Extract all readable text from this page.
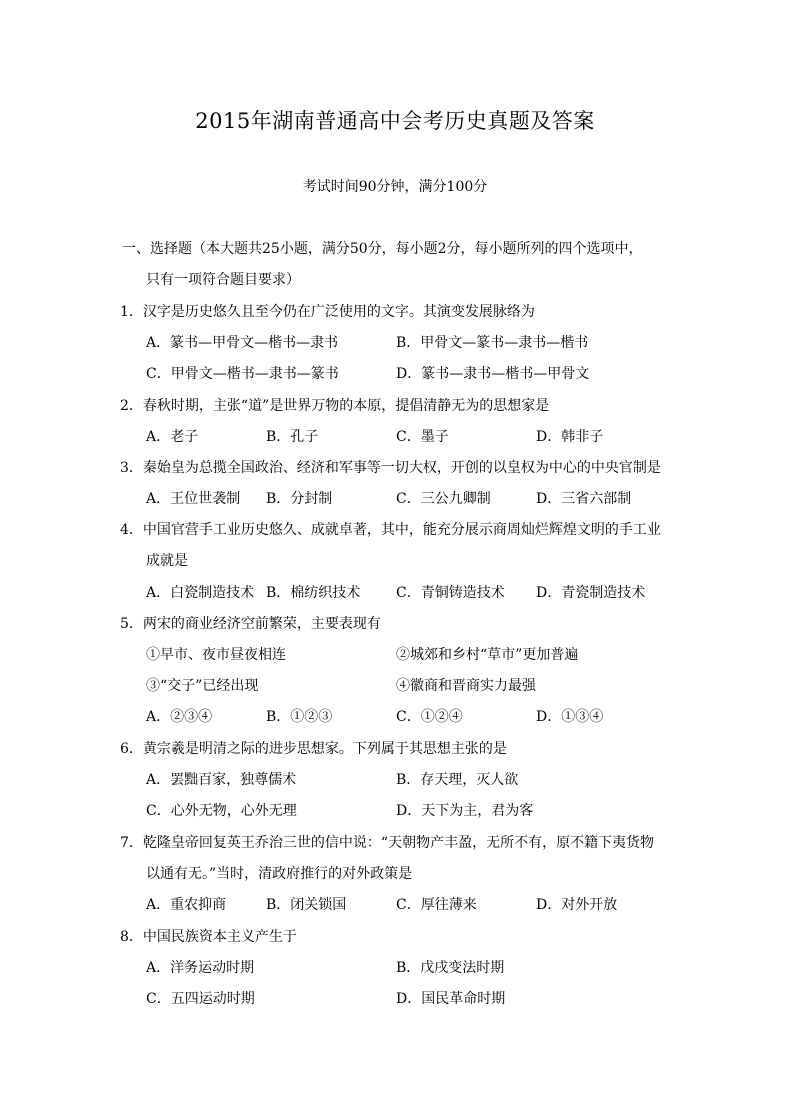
2015年湖南普通高中会考历史真题及答案
考试时间90分钟，满分100分
一、选择题（本大题共25小题，满分50分，每小题2分，每小题所列的四个选项中，
只有一项符合题目要求）
1．汉字是历史悠久且至今仍在广泛使用的文字。其演变发展脉络为
A．篆书—甲骨文—楷书—隶书	B．甲骨文—篆书—隶书—楷书
C．甲骨文—楷书—隶书—篆书	D．篆书—隶书—楷书—甲骨文
2．春秋时期，主张“道”是世界万物的本原，提倡清静无为的思想家是
A．老子	B．孔子	C．墨子	D．韩非子
3．秦始皇为总揽全国政治、经济和军事等一切大权，开创的以皇权为中心的中央官制是
A．王位世袭制 B．分封制	C．三公九卿制	D．三省六部制
4．中国官营手工业历史悠久、成就卓著，其中，能充分展示商周灿烂辉煌文明的手工业
成就是
A．白瓷制造技术 B．棉纺织技术	C．青铜铸造技术 D．青瓷制造技术
5．两宋的商业经济空前繁荣，主要表现有
①早市、夜市昼夜相连	②城郊和乡村“草市”更加普遍
③“交子”已经出现	④徽商和晋商实力最强
A．②③④	B．①②③	C．①②④	D．①③④
6．黄宗羲是明清之际的进步思想家。下列属于其思想主张的是
A．罢黜百家，独尊儒术	B．存天理，灭人欲
C．心外无物，心外无理	D．天下为主，君为客
7．乾隆皇帝回复英王乔治三世的信中说：“天朝物产丰盈，无所不有，原不籍下夷货物
以通有无。”当时，清政府推行的对外政策是
A．重农抑商	B．闭关锁国	C．厚往薄来	D．对外开放
8．中国民族资本主义产生于
A．洋务运动时期	B．戊戌变法时期
C．五四运动时期	D．国民革命时期
